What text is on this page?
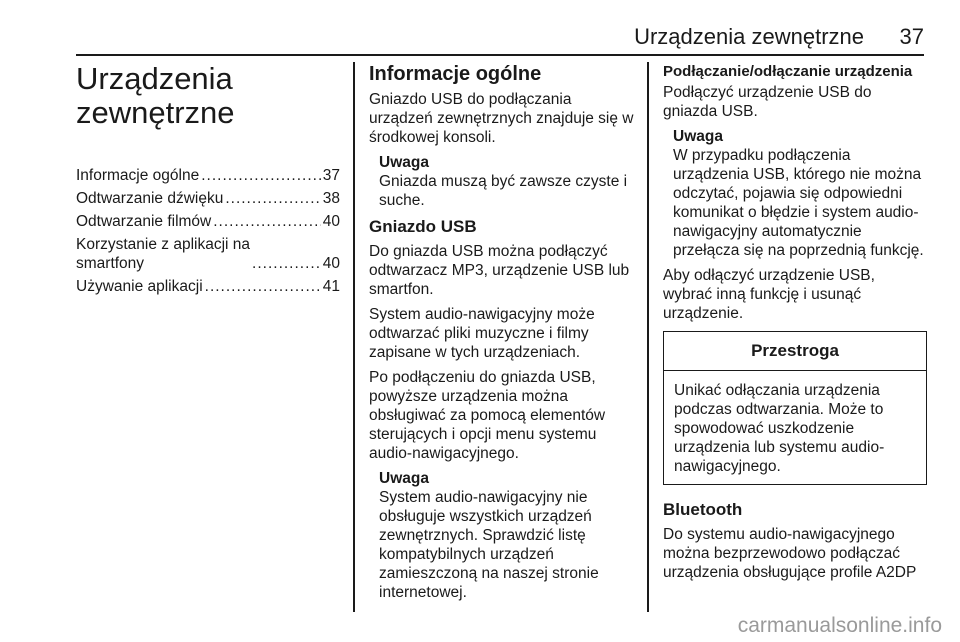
Urządzenia zewnętrzne 37
Urządzenia
zewnętrzne
Informacje ogólne .....	37
Odtwarzanie dźwięku .....	38
Odtwarzanie filmów .....	40
Korzystanie z aplikacji na
smartfony .....	40
Używanie aplikacji .....	41
Informacje ogólne

Gniazdo USB do podłączania urządzeń zewnętrznych znajduje się w środkowej konsoli.

Uwaga
Gniazda muszą być zawsze czyste i suche.
Gniazdo USB

Do gniazda USB można podłączyć odtwarzacz MP3, urządzenie USB lub smartfon.

System audio-nawigacyjny może odtwarzać pliki muzyczne i filmy zapisane w tych urządzeniach.

Po podłączeniu do gniazda USB, powyższe urządzenia można obsługiwać za pomocą elementów sterujących i opcji menu systemu audio-nawigacyjnego.

Uwaga
System audio-nawigacyjny nie obsługuje wszystkich urządzeń zewnętrznych. Sprawdzić listę kompatybilnych urządzeń zamieszczoną na naszej stronie internetowej.
Podłączanie/odłączanie urządzenia

Podłączyć urządzenie USB do gniazda USB.

Uwaga
W przypadku podłączenia urządzenia USB, którego nie można odczytać, pojawia się odpowiedni komunikat o błędzie i system audio-nawigacyjny automatycznie przełącza się na poprzednią funkcję.

Aby odłączyć urządzenie USB, wybrać inną funkcję i usunąć urządzenie.

Przestroga
Unikać odłączania urządzenia podczas odtwarzania. Może to spowodować uszkodzenie urządzenia lub systemu audio-nawigacyjnego.
Bluetooth

Do systemu audio-nawigacyjnego można bezprzewodowo podłączać urządzenia obsługujące profile A2DP

carmanualsonline.info
